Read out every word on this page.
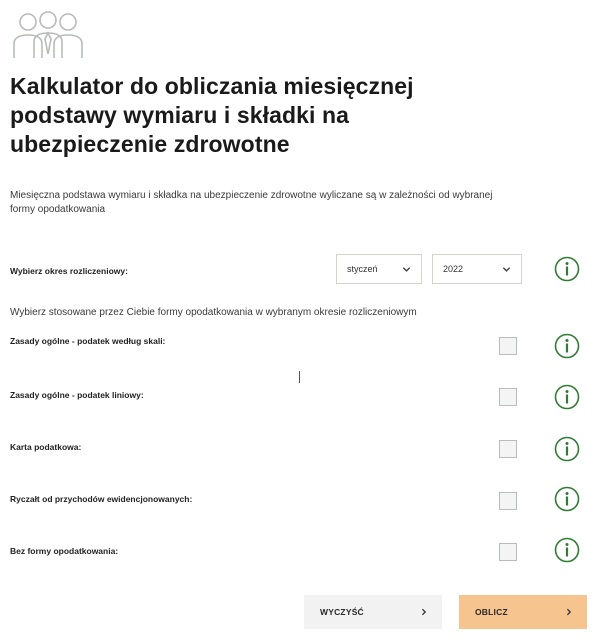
Kalkulator do obliczania miesięcznej podstawy wymiaru i składki na ubezpieczenie zdrowotne

Miesięczna podstawa wymiaru i składka na ubezpieczenie zdrowotne wyliczane są w zależności od wybranej formy opodatkowania

Wybierz okres rozliczeniowy:	styczeń	2022
Wybierz stosowane przez Ciebie formy opodatkowania w wybranym okresie rozliczeniowym
Zasady ogólne - podatek według skali:
Zasady ogólne - podatek liniowy:
Karta podatkowa:
Ryczałt od przychodów ewidencjonowanych:
Bez formy opodatkowania:
WYCZYŚĆ	OBLICZ
